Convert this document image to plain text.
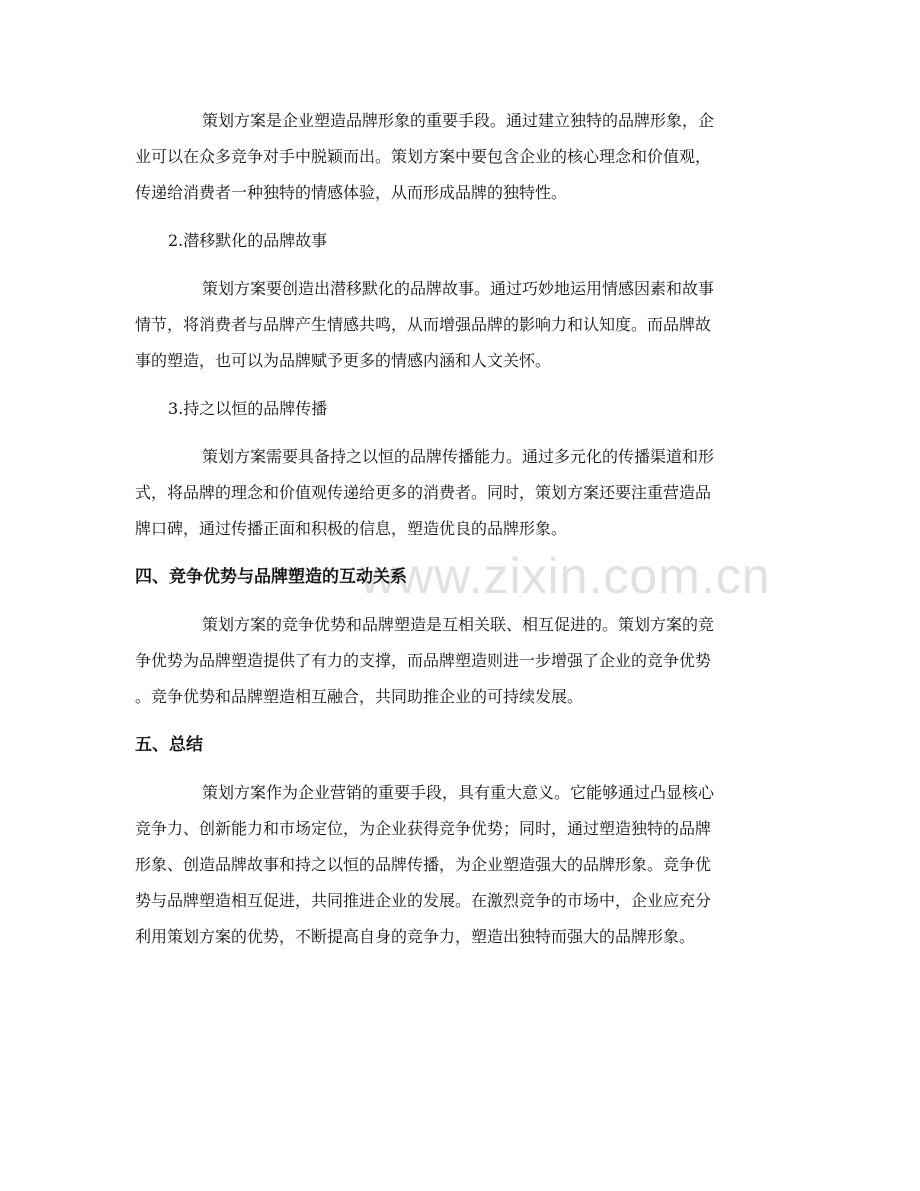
www.zixin.com.cn
策划方案是企业塑造品牌形象的重要手段。通过建立独特的品牌形象，企
业可以在众多竞争对手中脱颖而出。策划方案中要包含企业的核心理念和价值观，
传递给消费者一种独特的情感体验，从而形成品牌的独特性。
2.潜移默化的品牌故事
策划方案要创造出潜移默化的品牌故事。通过巧妙地运用情感因素和故事
情节，将消费者与品牌产生情感共鸣，从而增强品牌的影响力和认知度。而品牌故
事的塑造，也可以为品牌赋予更多的情感内涵和人文关怀。
3.持之以恒的品牌传播
策划方案需要具备持之以恒的品牌传播能力。通过多元化的传播渠道和形
式，将品牌的理念和价值观传递给更多的消费者。同时，策划方案还要注重营造品
牌口碑，通过传播正面和积极的信息，塑造优良的品牌形象。
四、竞争优势与品牌塑造的互动关系
策划方案的竞争优势和品牌塑造是互相关联、相互促进的。策划方案的竞
争优势为品牌塑造提供了有力的支撑，而品牌塑造则进一步增强了企业的竞争优势
。竞争优势和品牌塑造相互融合，共同助推企业的可持续发展。
五、总结
策划方案作为企业营销的重要手段，具有重大意义。它能够通过凸显核心
竞争力、创新能力和市场定位，为企业获得竞争优势；同时，通过塑造独特的品牌
形象、创造品牌故事和持之以恒的品牌传播，为企业塑造强大的品牌形象。竞争优
势与品牌塑造相互促进，共同推进企业的发展。在激烈竞争的市场中，企业应充分
利用策划方案的优势，不断提高自身的竞争力，塑造出独特而强大的品牌形象。
